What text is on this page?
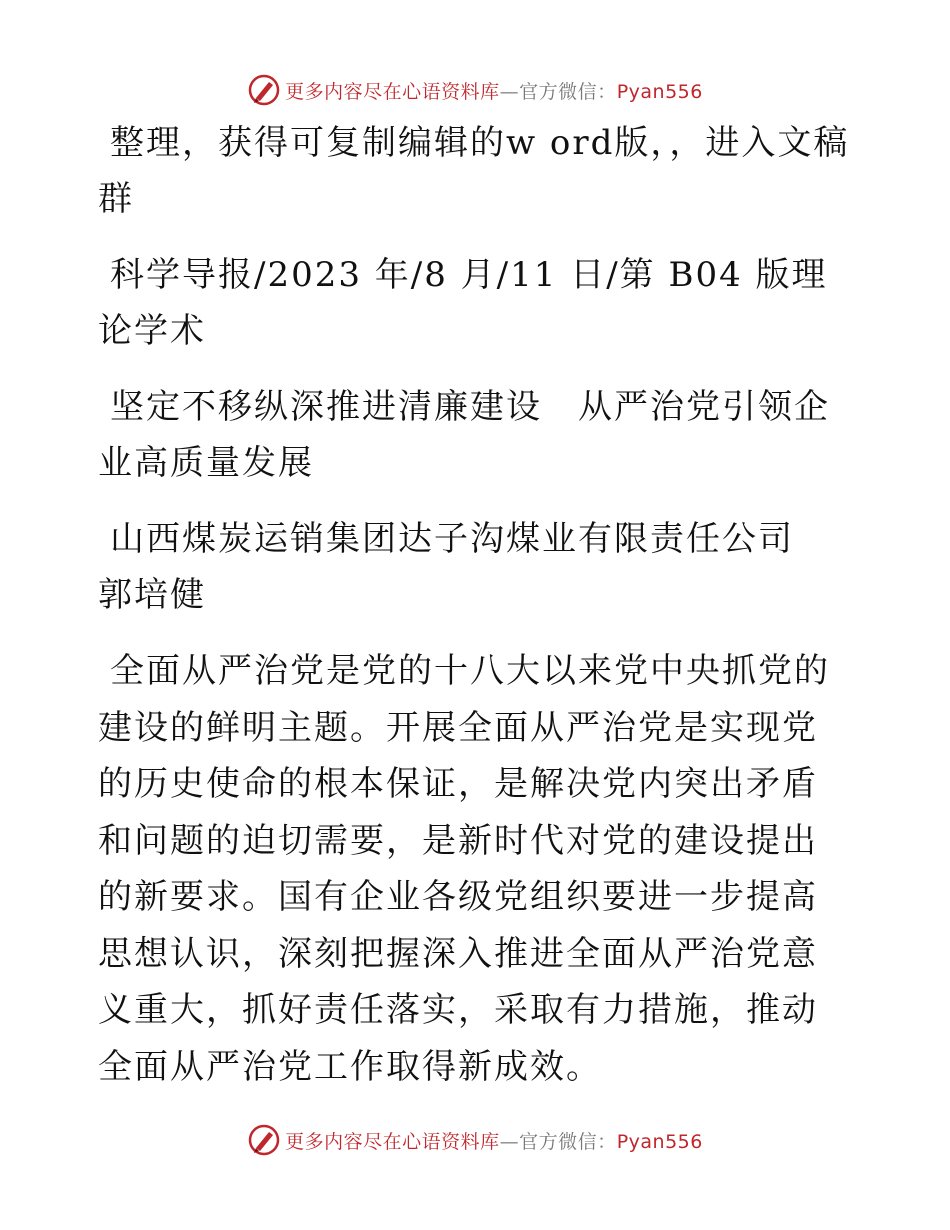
更多内容尽在心语资料库—官方微信：Pyan556

整理，获得可复制编辑的w ord版，，进入文稿群

科学导报/2023 年/8 月/11 日/第 B04 版理论学术

坚定不移纵深推进清廉建设　从严治党引领企业高质量发展

山西煤炭运销集团达子沟煤业有限责任公司　郭培健

全面从严治党是党的十八大以来党中央抓党的建设的鲜明主题。开展全面从严治党是实现党的历史使命的根本保证，是解决党内突出矛盾和问题的迫切需要，是新时代对党的建设提出的新要求。国有企业各级党组织要进一步提高思想认识，深刻把握深入推进全面从严治党意义重大，抓好责任落实，采取有力措施，推动全面从严治党工作取得新成效。

更多内容尽在心语资料库—官方微信：Pyan556
